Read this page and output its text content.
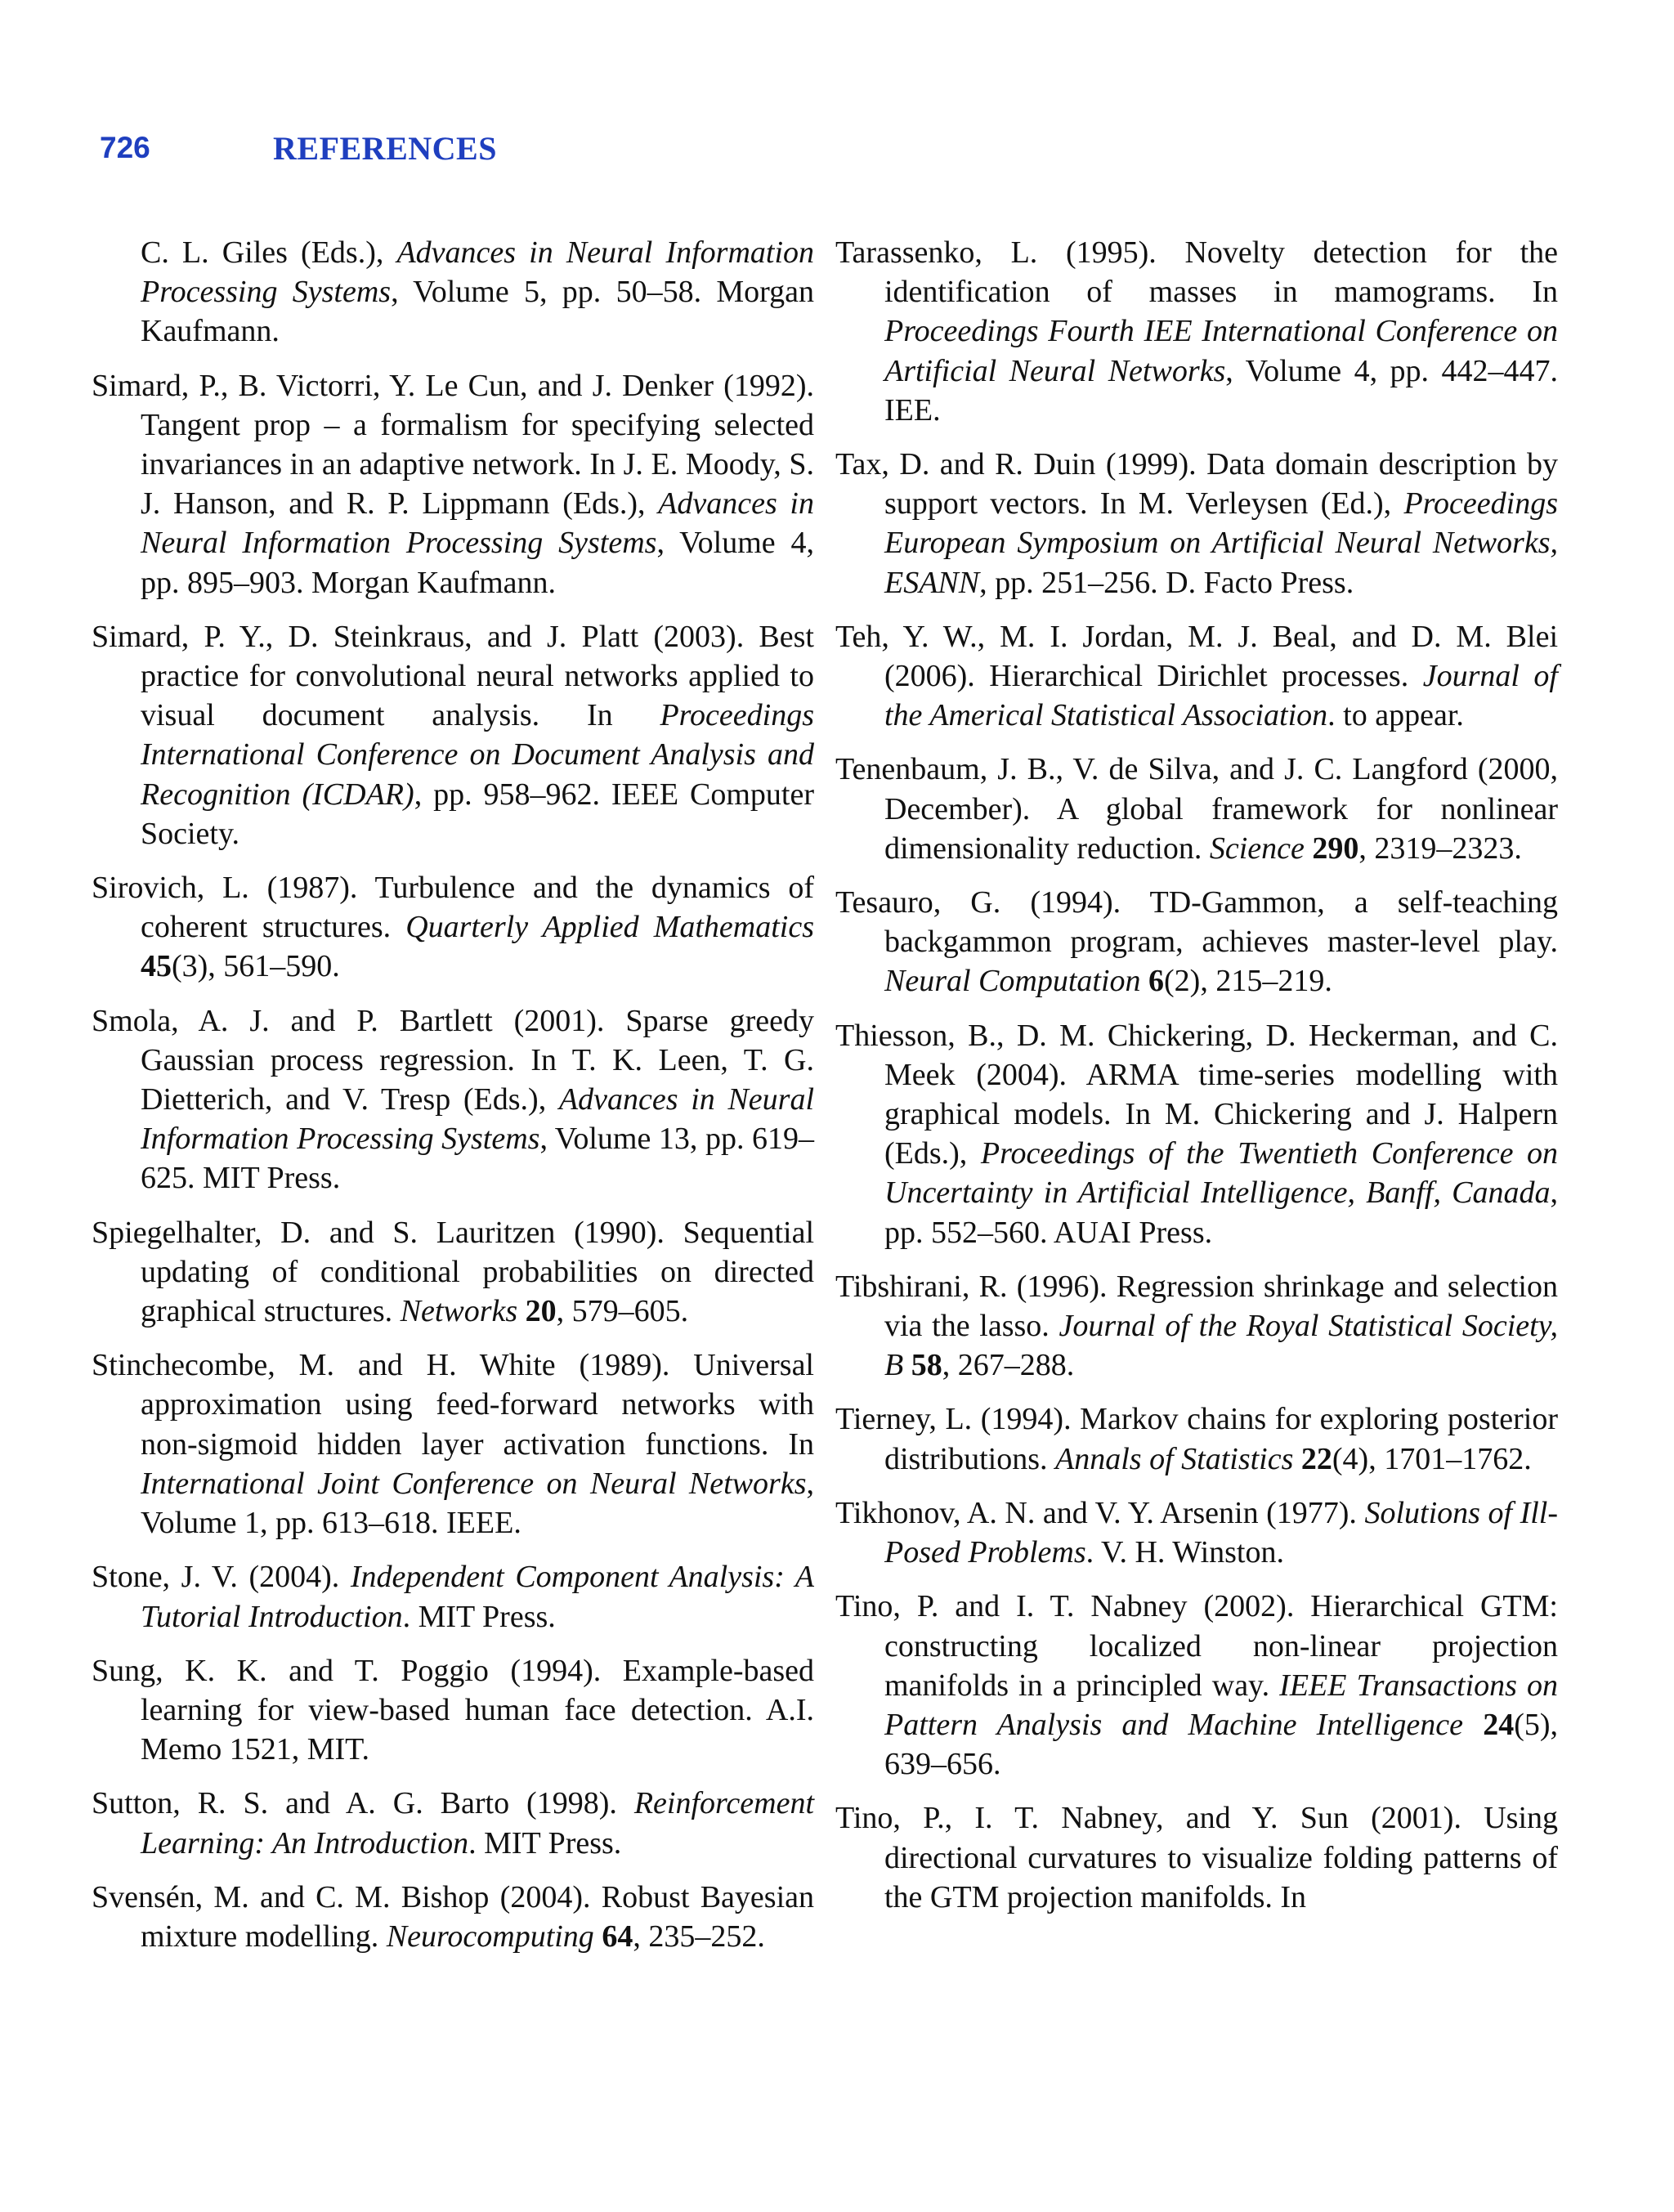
726	REFERENCES

C. L. Giles (Eds.), Advances in Neural Information Processing Systems, Volume 5, pp. 50–58. Morgan Kaufmann.

Simard, P., B. Victorri, Y. Le Cun, and J. Denker (1992). Tangent prop – a formalism for specifying selected invariances in an adaptive network. In J. E. Moody, S. J. Hanson, and R. P. Lippmann (Eds.), Advances in Neural Information Processing Systems, Volume 4, pp. 895–903. Morgan Kaufmann.

Simard, P. Y., D. Steinkraus, and J. Platt (2003). Best practice for convolutional neural networks applied to visual document analysis. In Proceedings International Conference on Document Analysis and Recognition (ICDAR), pp. 958–962. IEEE Computer Society.

Sirovich, L. (1987). Turbulence and the dynamics of coherent structures. Quarterly Applied Mathematics 45(3), 561–590.

Smola, A. J. and P. Bartlett (2001). Sparse greedy Gaussian process regression. In T. K. Leen, T. G. Dietterich, and V. Tresp (Eds.), Advances in Neural Information Processing Systems, Volume 13, pp. 619–625. MIT Press.

Spiegelhalter, D. and S. Lauritzen (1990). Sequential updating of conditional probabilities on directed graphical structures. Networks 20, 579–605.

Stinchecombe, M. and H. White (1989). Universal approximation using feed-forward networks with non-sigmoid hidden layer activation functions. In International Joint Conference on Neural Networks, Volume 1, pp. 613–618. IEEE.

Stone, J. V. (2004). Independent Component Analysis: A Tutorial Introduction. MIT Press.

Sung, K. K. and T. Poggio (1994). Example-based learning for view-based human face detection. A.I. Memo 1521, MIT.

Sutton, R. S. and A. G. Barto (1998). Reinforcement Learning: An Introduction. MIT Press.

Svensén, M. and C. M. Bishop (2004). Robust Bayesian mixture modelling. Neurocomputing 64, 235–252.

Tarassenko, L. (1995). Novelty detection for the identification of masses in mamograms. In Proceedings Fourth IEE International Conference on Artificial Neural Networks, Volume 4, pp. 442–447. IEE.

Tax, D. and R. Duin (1999). Data domain description by support vectors. In M. Verleysen (Ed.), Proceedings European Symposium on Artificial Neural Networks, ESANN, pp. 251–256. D. Facto Press.

Teh, Y. W., M. I. Jordan, M. J. Beal, and D. M. Blei (2006). Hierarchical Dirichlet processes. Journal of the Americal Statistical Association. to appear.

Tenenbaum, J. B., V. de Silva, and J. C. Langford (2000, December). A global framework for nonlinear dimensionality reduction. Science 290, 2319–2323.

Tesauro, G. (1994). TD-Gammon, a self-teaching backgammon program, achieves master-level play. Neural Computation 6(2), 215–219.

Thiesson, B., D. M. Chickering, D. Heckerman, and C. Meek (2004). ARMA time-series modelling with graphical models. In M. Chickering and J. Halpern (Eds.), Proceedings of the Twentieth Conference on Uncertainty in Artificial Intelligence, Banff, Canada, pp. 552–560. AUAI Press.

Tibshirani, R. (1996). Regression shrinkage and selection via the lasso. Journal of the Royal Statistical Society, B 58, 267–288.

Tierney, L. (1994). Markov chains for exploring posterior distributions. Annals of Statistics 22(4), 1701–1762.

Tikhonov, A. N. and V. Y. Arsenin (1977). Solutions of Ill-Posed Problems. V. H. Winston.

Tino, P. and I. T. Nabney (2002). Hierarchical GTM: constructing localized non-linear projection manifolds in a principled way. IEEE Transactions on Pattern Analysis and Machine Intelligence 24(5), 639–656.

Tino, P., I. T. Nabney, and Y. Sun (2001). Using directional curvatures to visualize folding patterns of the GTM projection manifolds. In
